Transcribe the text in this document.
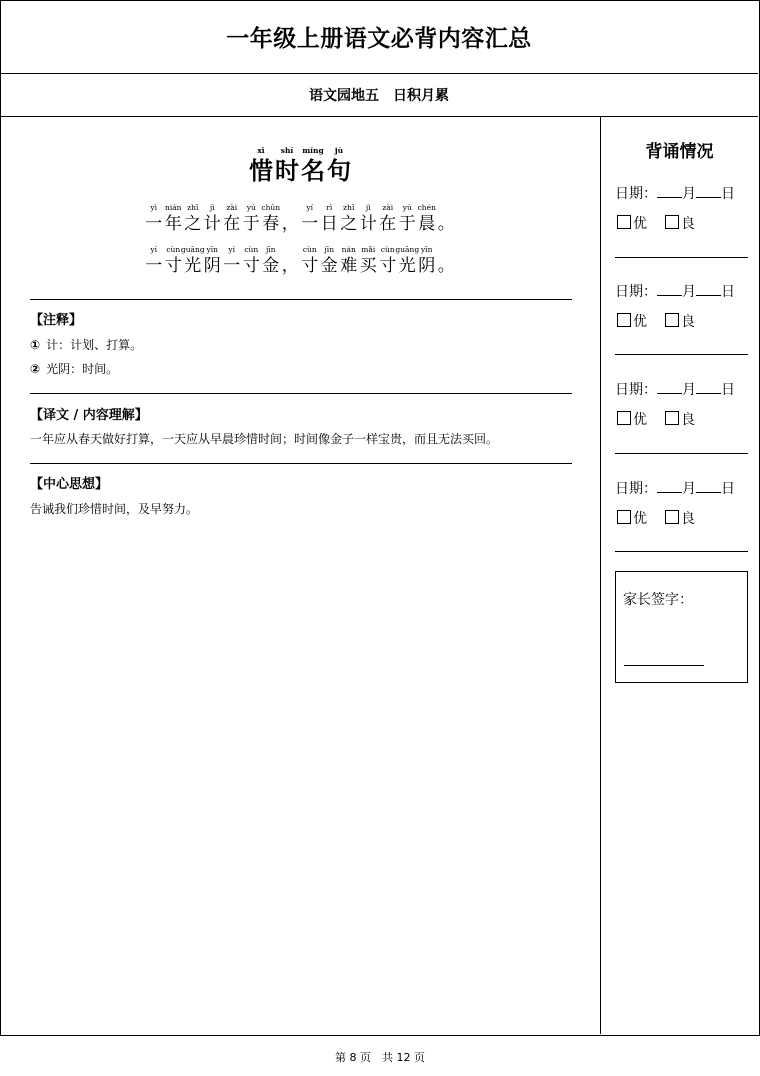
一年级上册语文必背内容汇总
语文园地五　日积月累
xī
惜
shí
时
míng
名
jù
句
yì
一
nián
年
zhī
之
jì
计
zài
在
yú
于
chūn
春 ，
yí
一
rì
日
zhī
之
jì
计
zài
在
yú
于
chén
晨 。
yí
一
cùn
寸
guāng
光
yīn
阴
yí
一
cùn
寸
jīn
金 ，
cùn
寸
jīn
金
nán
难
mǎi
买
cùn
寸
guāng
光
yīn
阴 。
【注释】
① 计：计划、打算。
② 光阴：时间。
【译文 / 内容理解】
一年应从春天做好打算，一天应从早晨珍惜时间；时间像金子一样宝贵，而且无法买回。
【中心思想】
告诫我们珍惜时间，及早努力。
背诵情况
日期： 月 日
优 良
日期： 月 日
优 良
日期： 月 日
优 良
日期： 月 日
优 良
家长签字：
第 8 页　共 12 页
